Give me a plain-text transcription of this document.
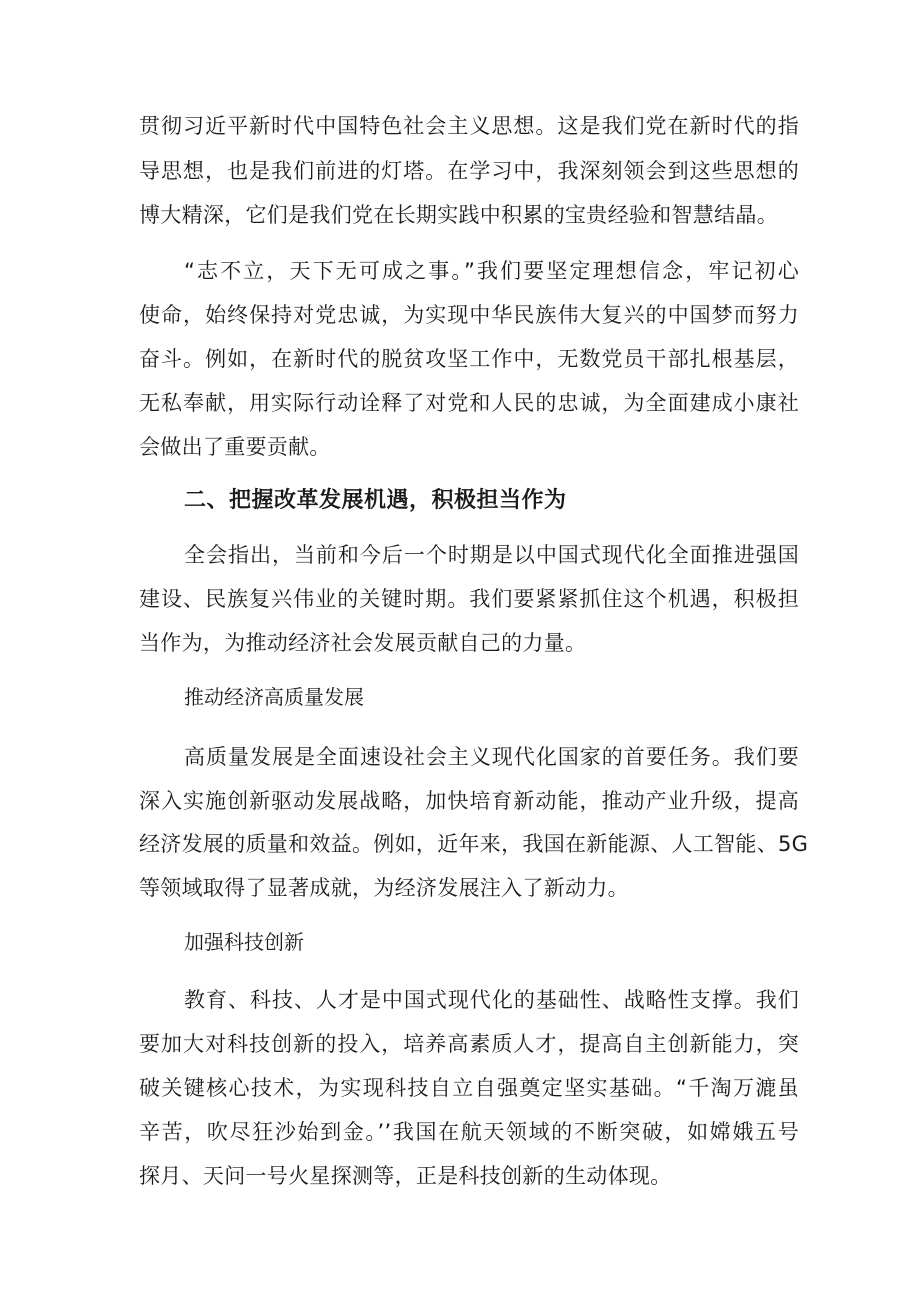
贯彻习近平新时代中国特色社会主义思想。这是我们党在新时代的指
导思想，也是我们前进的灯塔。在学习中，我深刻领会到这些思想的
博大精深，它们是我们党在长期实践中积累的宝贵经验和智慧结晶。
“志不立，天下无可成之事。”我们要坚定理想信念，牢记初心
使命，始终保持对党忠诚，为实现中华民族伟大复兴的中国梦而努力
奋斗。例如，在新时代的脱贫攻坚工作中，无数党员干部扎根基层，
无私奉献，用实际行动诠释了对党和人民的忠诚，为全面建成小康社
会做出了重要贡献。
二、把握改革发展机遇，积极担当作为
全会指出，当前和今后一个时期是以中国式现代化全面推进强国
建设、民族复兴伟业的关键时期。我们要紧紧抓住这个机遇，积极担
当作为，为推动经济社会发展贡献自己的力量。
推动经济高质量发展
高质量发展是全面速设社会主义现代化国家的首要任务。我们要
深入实施创新驱动发展战略，加快培育新动能，推动产业升级，提高
经济发展的质量和效益。例如，近年来，我国在新能源、人工智能、5G
等领域取得了显著成就，为经济发展注入了新动力。
加强科技创新
教育、科技、人才是中国式现代化的基础性、战略性支撑。我们
要加大对科技创新的投入，培养高素质人才，提高自主创新能力，突
破关键核心技术，为实现科技自立自强奠定坚实基础。“千淘万漉虽
辛苦，吹尽狂沙始到金。’’我国在航天领域的不断突破，如嫦娥五号
探月、天问一号火星探测等，正是科技创新的生动体现。
